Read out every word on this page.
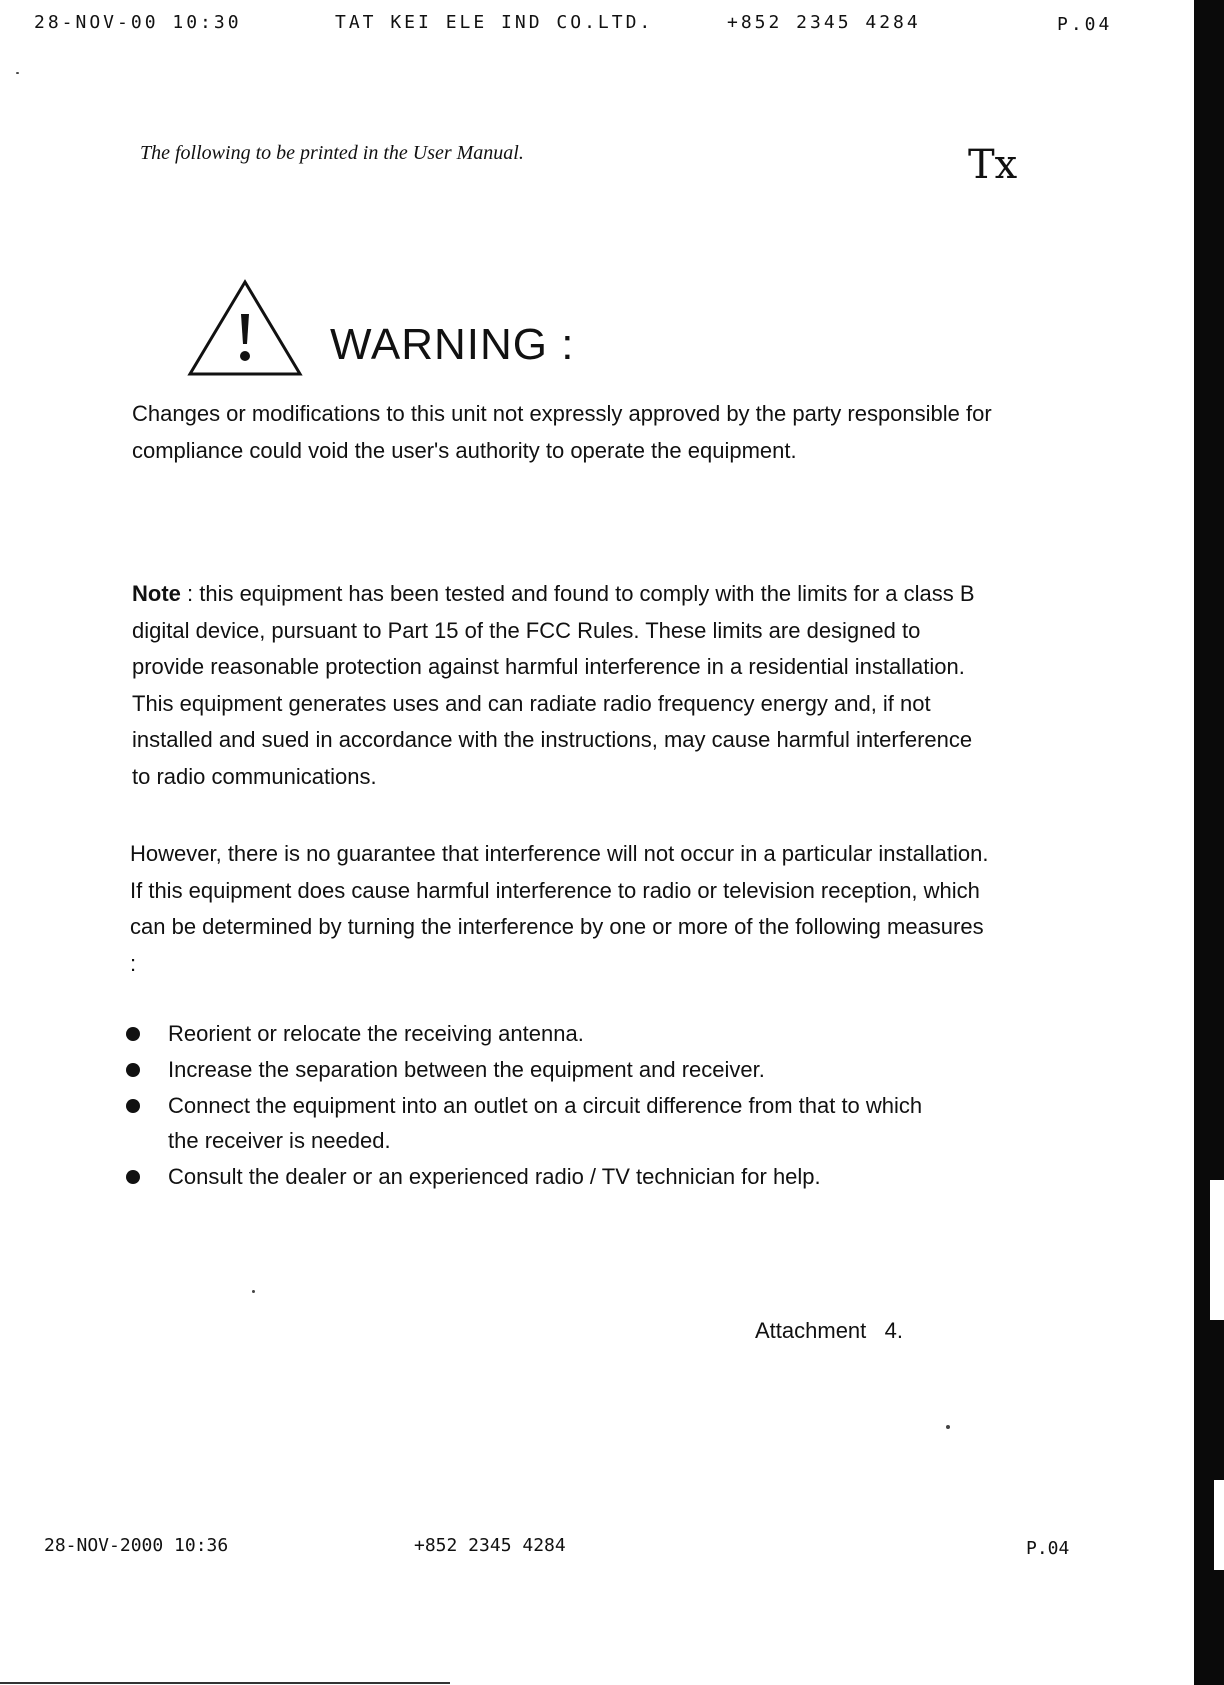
28-NOV-00 10:30	TAT KEI ELE IND CO.LTD.	+852 2345 4284	P.04
The following to be printed in the User Manual.	Tx
WARNING :
Changes or modifications to this unit not expressly approved by the party responsible for compliance could void the user's authority to operate the equipment.
Note : this equipment has been tested and found to comply with the limits for a class B digital device, pursuant to Part 15 of the FCC Rules. These limits are designed to provide reasonable protection against harmful interference in a residential installation. This equipment generates uses and can radiate radio frequency energy and, if not installed and sued in accordance with the instructions, may cause harmful interference to radio communications.
However, there is no guarantee that interference will not occur in a particular installation. If this equipment does cause harmful interference to radio or television reception, which can be determined by turning the interference by one or more of the following measures :
Reorient or relocate the receiving antenna.
Increase the separation between the equipment and receiver.
Connect the equipment into an outlet on a circuit difference from that to which the receiver is needed.
Consult the dealer or an experienced radio / TV technician for help.
Attachment 4.
28-NOV-2000 10:36	+852 2345 4284	P.04
